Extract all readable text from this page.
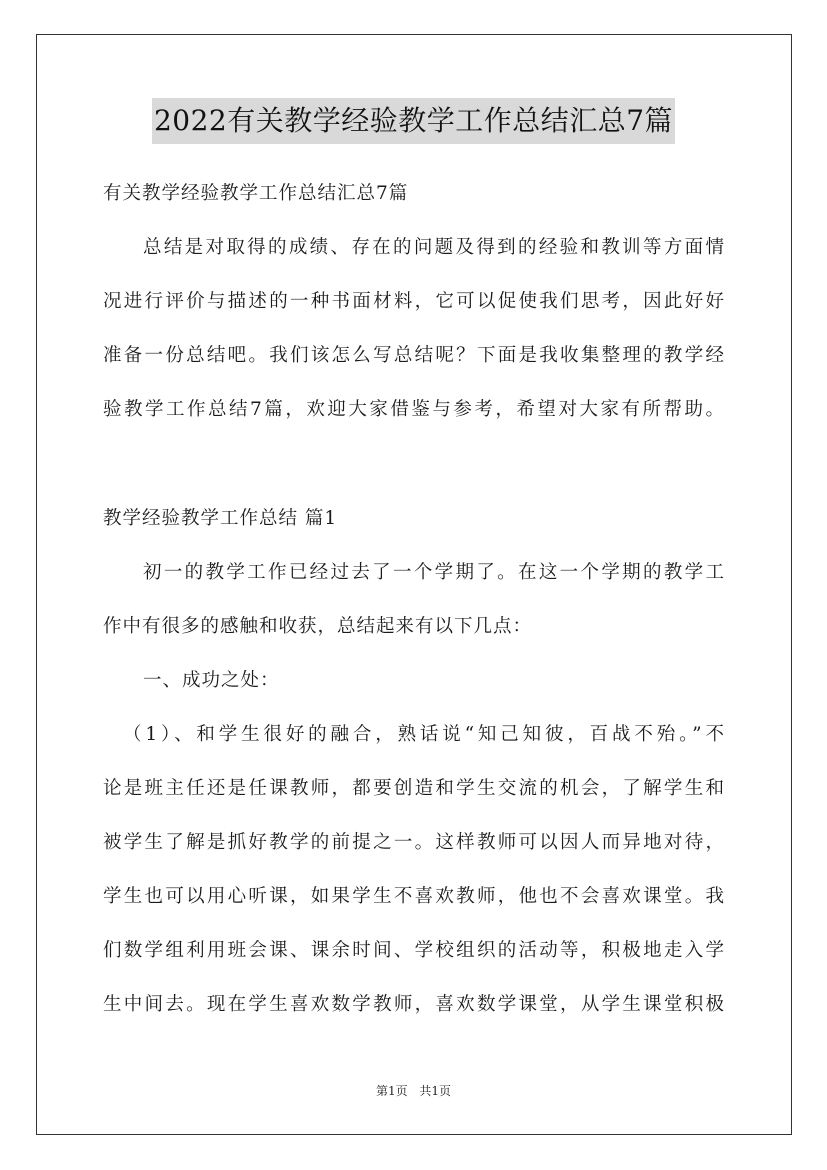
2022有关教学经验教学工作总结汇总7篇
有关教学经验教学工作总结汇总7篇
总结是对取得的成绩、存在的问题及得到的经验和教训等方面情
况进行评价与描述的一种书面材料，它可以促使我们思考，因此好好
准备一份总结吧。我们该怎么写总结呢？下面是我收集整理的教学经
验教学工作总结7篇，欢迎大家借鉴与参考，希望对大家有所帮助。
教学经验教学工作总结 篇1
初一的教学工作已经过去了一个学期了。在这一个学期的教学工
作中有很多的感触和收获，总结起来有以下几点：
一、成功之处：
（1）、和学生很好的融合，熟话说“知己知彼，百战不殆。”不
论是班主任还是任课教师，都要创造和学生交流的机会，了解学生和
被学生了解是抓好教学的前提之一。这样教师可以因人而异地对待，
学生也可以用心听课，如果学生不喜欢教师，他也不会喜欢课堂。我
们数学组利用班会课、课余时间、学校组织的活动等，积极地走入学
生中间去。现在学生喜欢数学教师，喜欢数学课堂，从学生课堂积极
第1页 共1页
